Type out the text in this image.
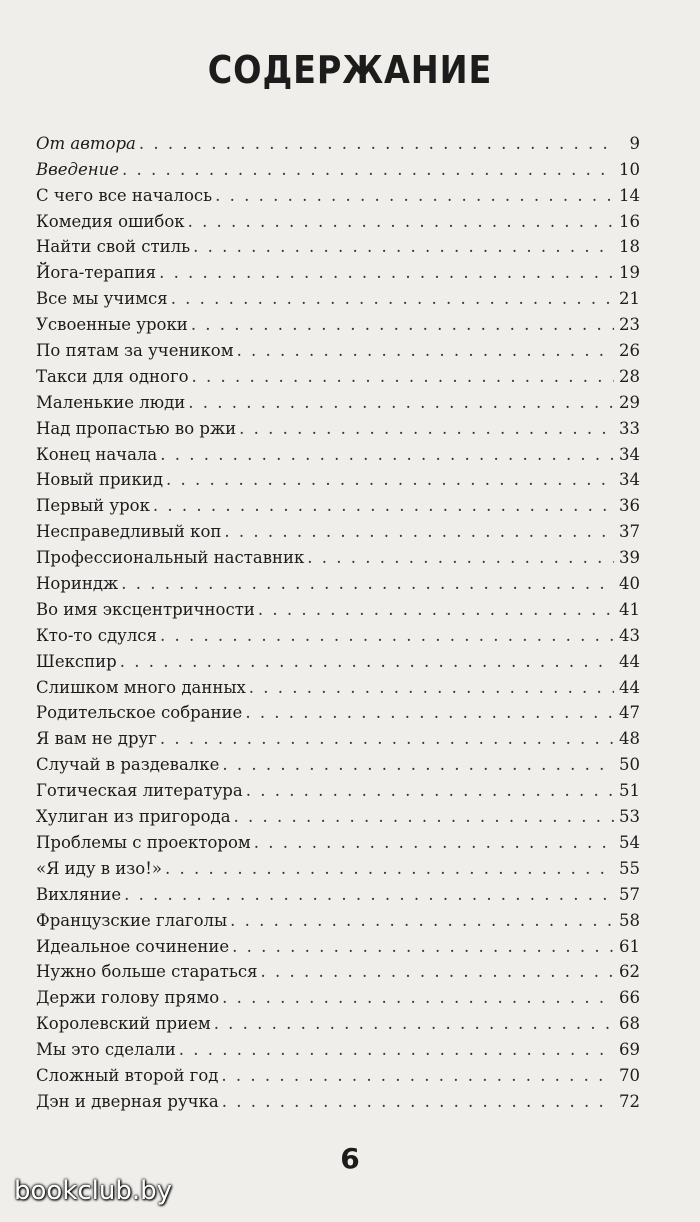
СОДЕРЖАНИЕ
От автора . . .	9
Введение . . .	10
С чего все началось . . .	14
Комедия ошибок . . .	16
Найти свой стиль . . .	18
Йога-терапия . . .	19
Все мы учимся . . .	21
Усвоенные уроки . . .	23
По пятам за учеником . . .	26
Такси для одного . . .	28
Маленькие люди . . .	29
Над пропастью во ржи . . .	33
Конец начала . . .	34
Новый прикид . . .	34
Первый урок . . .	36
Несправедливый коп . . .	37
Профессиональный наставник . . .	39
Нориндж . . .	40
Во имя эксцентричности . . .	41
Кто-то сдулся . . .	43
Шекспир . . .	44
Слишком много данных . . .	44
Родительское собрание . . .	47
Я вам не друг . . .	48
Случай в раздевалке . . .	50
Готическая литература . . .	51
Хулиган из пригорода . . .	53
Проблемы с проектором . . .	54
«Я иду в изо!» . . .	55
Вихляние . . .	57
Французские глаголы . . .	58
Идеальное сочинение . . .	61
Нужно больше стараться . . .	62
Держи голову прямо . . .	66
Королевский прием . . .	68
Мы это сделали . . .	69
Сложный второй год . . .	70
Дэн и дверная ручка . . .	72
6
bookclub.by
